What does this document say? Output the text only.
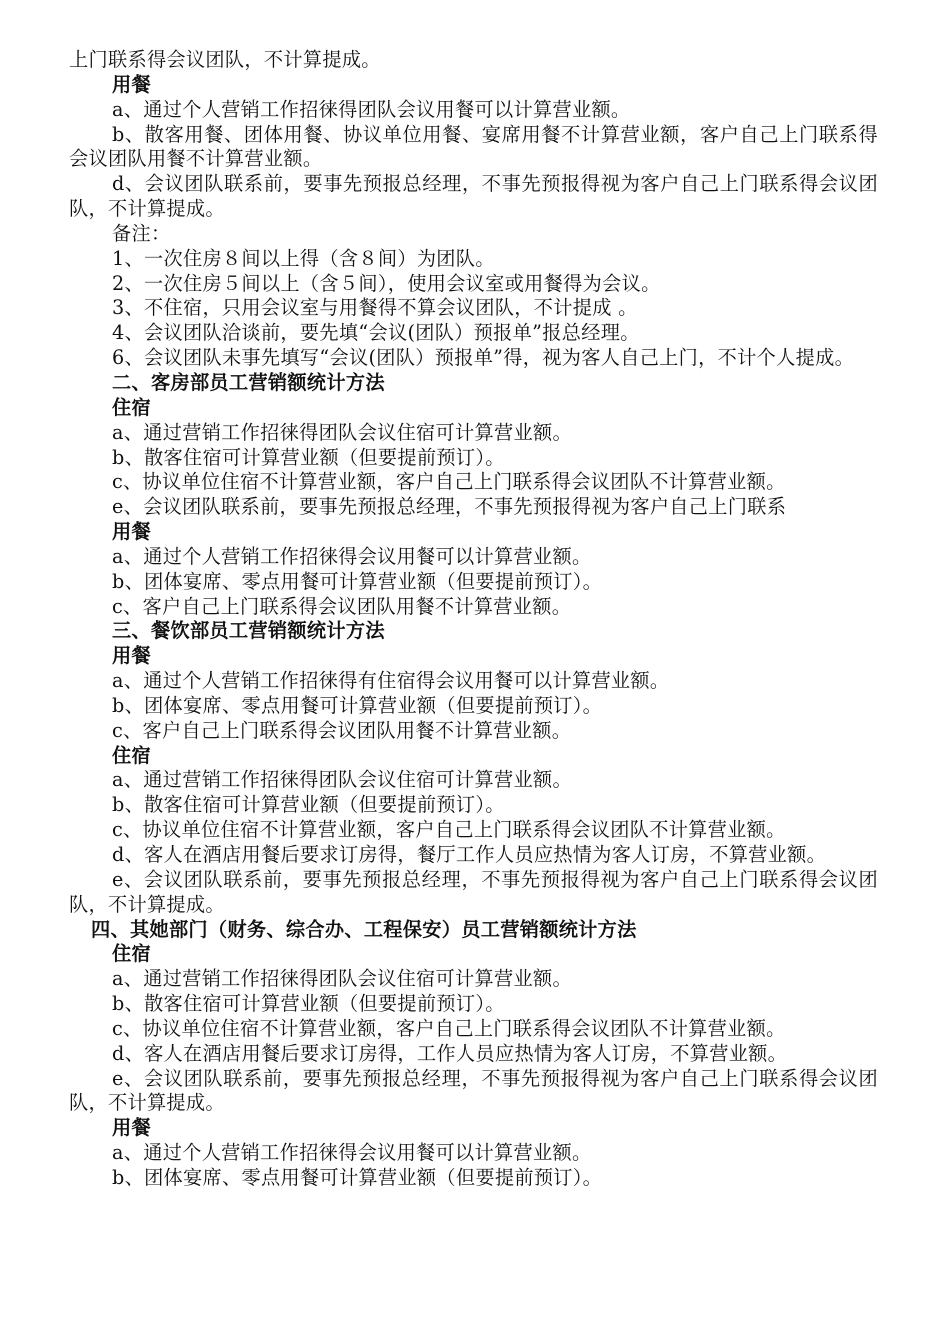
上门联系得会议团队，不计算提成。

用餐

a、通过个人营销工作招徕得团队会议用餐可以计算营业额。

b、散客用餐、团体用餐、协议单位用餐、宴席用餐不计算营业额，客户自己上门联系得会议团队用餐不计算营业额。

d、会议团队联系前，要事先预报总经理，不事先预报得视为客户自己上门联系得会议团队，不计算提成。

备注：

1、一次住房８间以上得（含８间）为团队。

2、一次住房５间以上（含５间），使用会议室或用餐得为会议。

3、不住宿，只用会议室与用餐得不算会议团队，不计提成 。

4、会议团队洽谈前，要先填“会议(团队）预报单”报总经理。

6、会议团队未事先填写“会议(团队）预报单”得，视为客人自己上门，不计个人提成。

二、客房部员工营销额统计方法

住宿

a、通过营销工作招徕得团队会议住宿可计算营业额。

b、散客住宿可计算营业额（但要提前预订）。

c、协议单位住宿不计算营业额，客户自己上门联系得会议团队不计算营业额。

e、会议团队联系前，要事先预报总经理，不事先预报得视为客户自己上门联系

用餐

a、通过个人营销工作招徕得会议用餐可以计算营业额。

b、团体宴席、零点用餐可计算营业额（但要提前预订）。

c、客户自己上门联系得会议团队用餐不计算营业额。

三、餐饮部员工营销额统计方法

用餐

a、通过个人营销工作招徕得有住宿得会议用餐可以计算营业额。

b、团体宴席、零点用餐可计算营业额（但要提前预订）。

c、客户自己上门联系得会议团队用餐不计算营业额。

住宿

a、通过营销工作招徕得团队会议住宿可计算营业额。

b、散客住宿可计算营业额（但要提前预订）。

c、协议单位住宿不计算营业额，客户自己上门联系得会议团队不计算营业额。

d、客人在酒店用餐后要求订房得，餐厅工作人员应热情为客人订房，不算营业额。

e、会议团队联系前，要事先预报总经理，不事先预报得视为客户自己上门联系得会议团队，不计算提成。

四、其她部门（财务、综合办、工程保安）员工营销额统计方法

住宿

a、通过营销工作招徕得团队会议住宿可计算营业额。

b、散客住宿可计算营业额（但要提前预订）。

c、协议单位住宿不计算营业额，客户自己上门联系得会议团队不计算营业额。

d、客人在酒店用餐后要求订房得，工作人员应热情为客人订房，不算营业额。

e、会议团队联系前，要事先预报总经理，不事先预报得视为客户自己上门联系得会议团队，不计算提成。

用餐

a、通过个人营销工作招徕得会议用餐可以计算营业额。

b、团体宴席、零点用餐可计算营业额（但要提前预订）。
